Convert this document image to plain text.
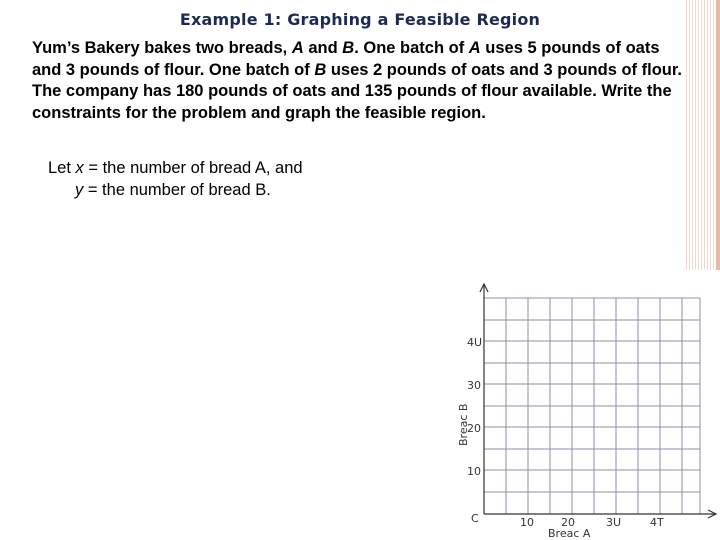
Example 1: Graphing a Feasible Region
Yum’s Bakery bakes two breads, A and B. One batch of A uses 5 pounds of oats and 3 pounds of flour. One batch of B uses 2 pounds of oats and 3 pounds of flour. The company has 180 pounds of oats and 135 pounds of flour available. Write the constraints for the problem and graph the feasible region.
Let x = the number of bread A, and
y = the number of bread B.
4U
30
20
10
C	10 20	3U	4T
Breac A
Breac B
